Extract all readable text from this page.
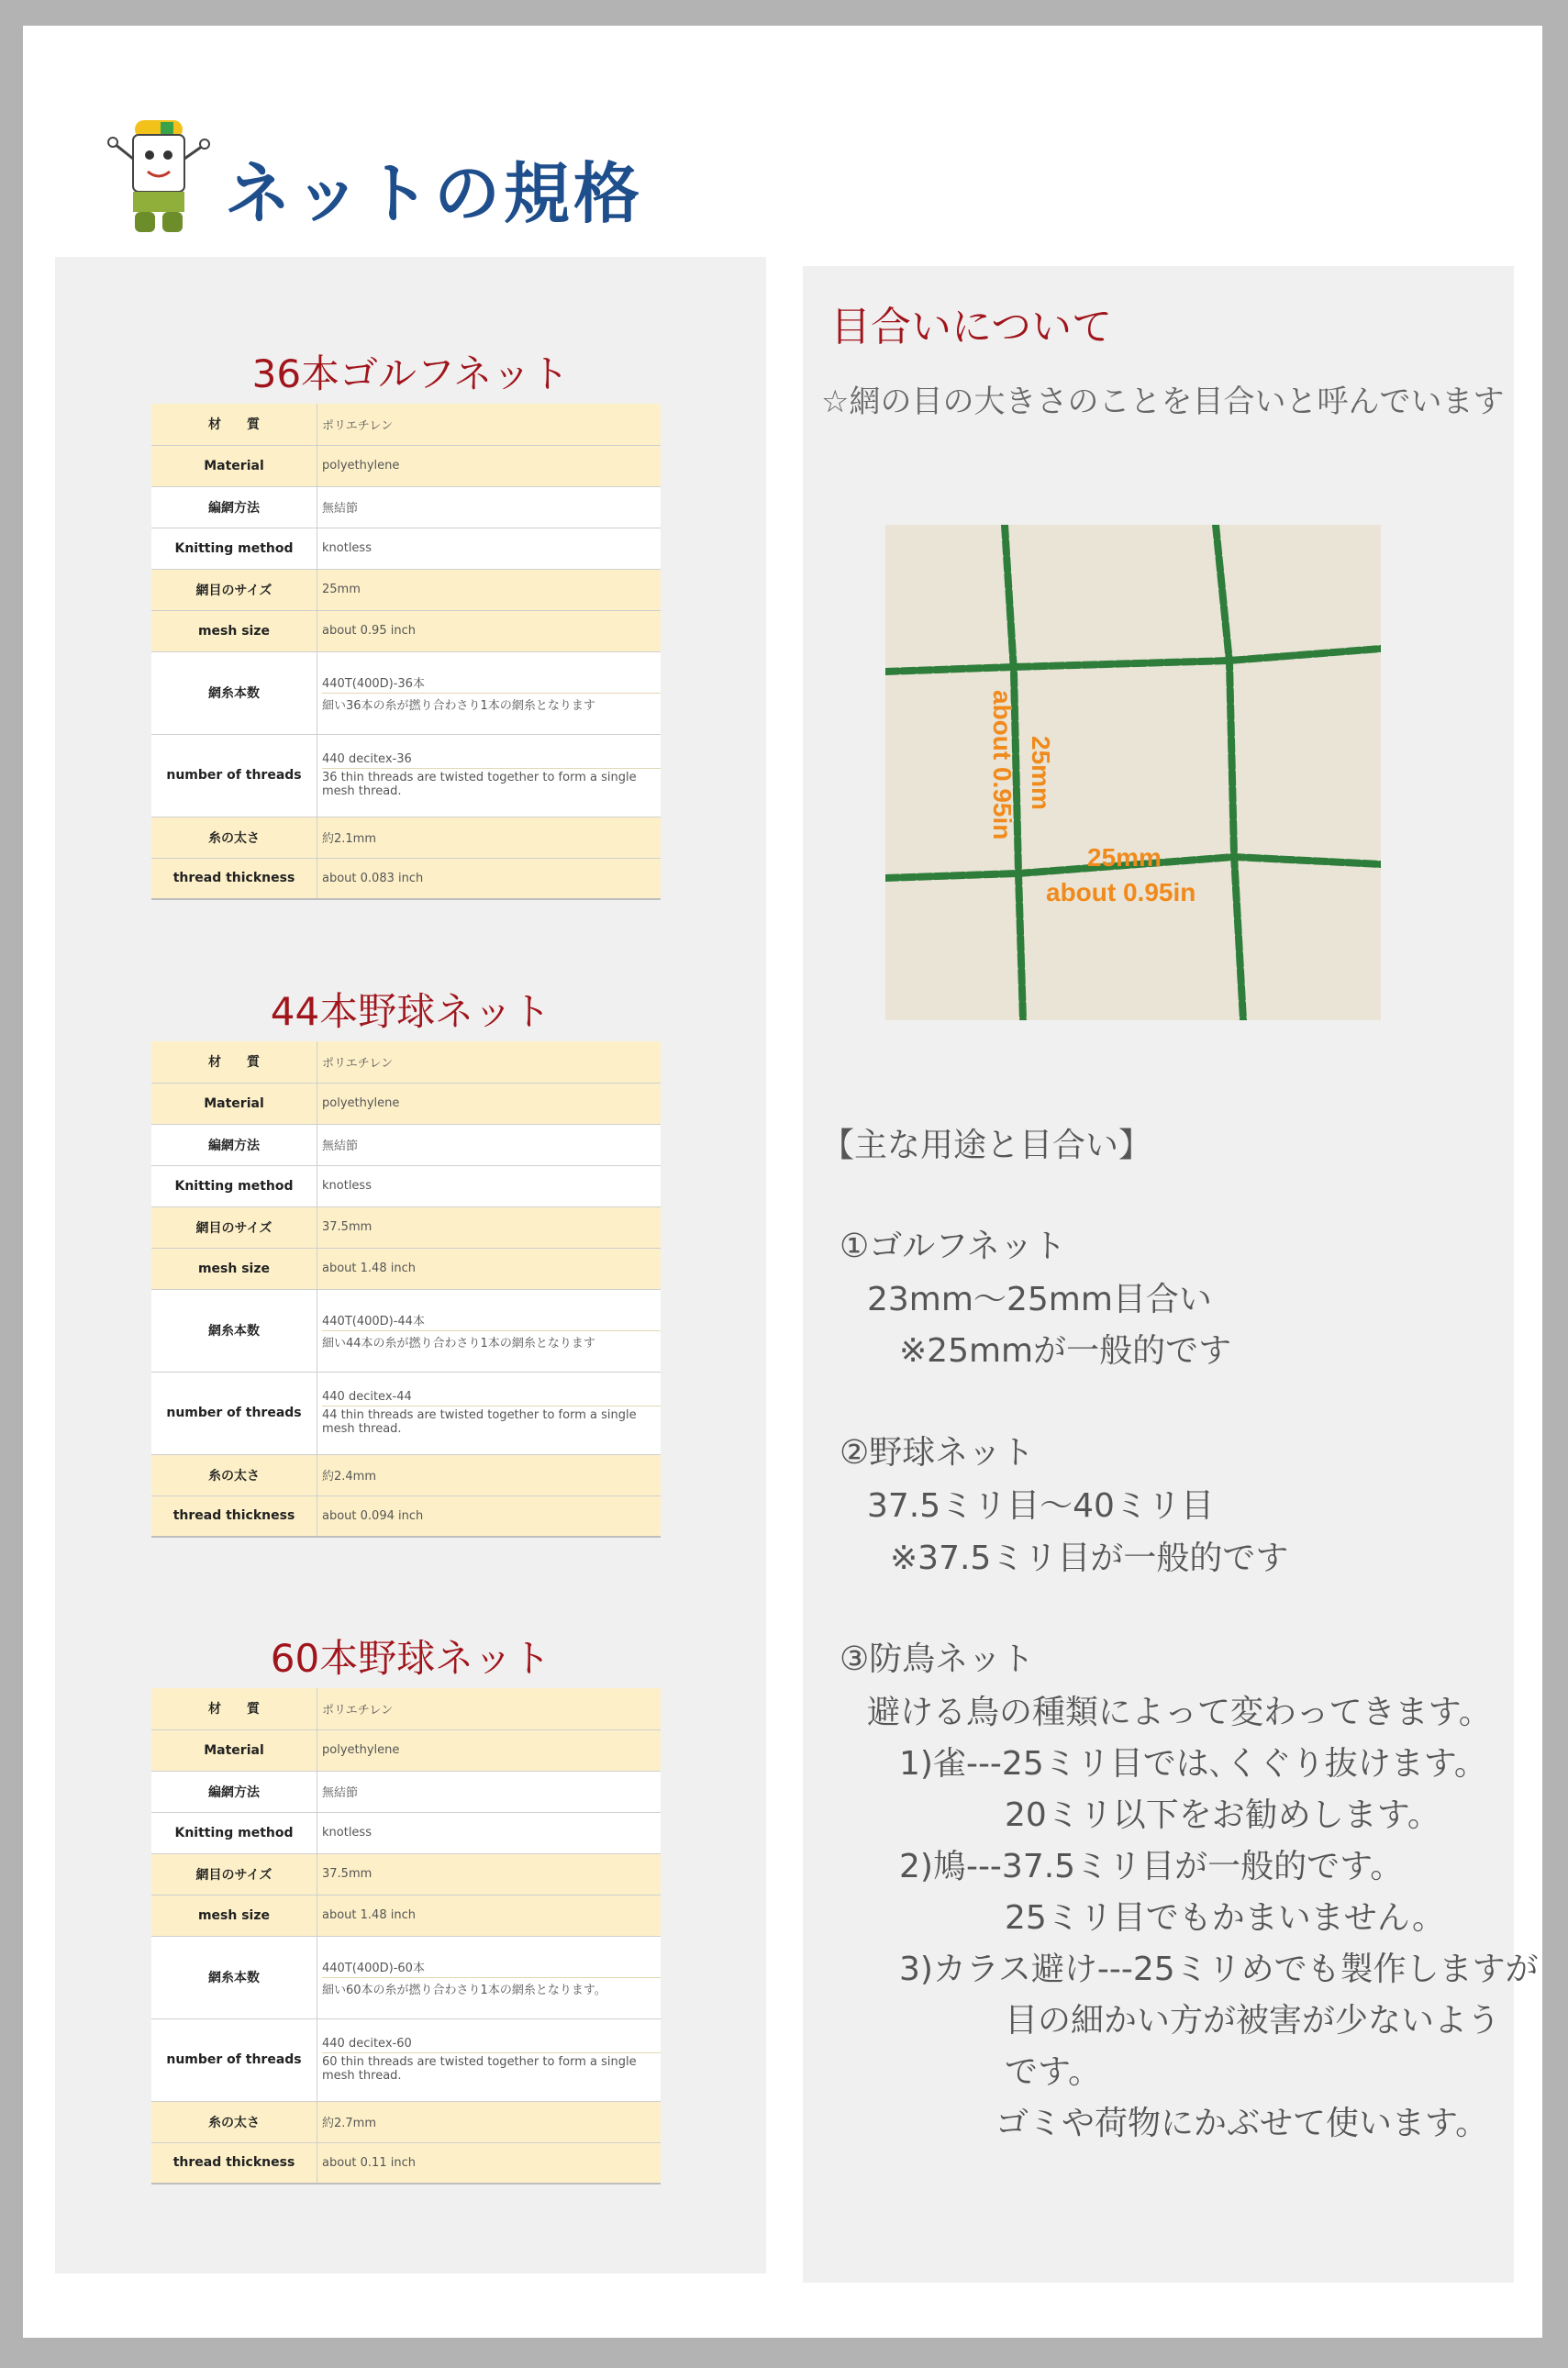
ネットの規格
36本ゴルフネット
材　　質	ポリエチレン
Material	polyethylene
編網方法	無結節
Knitting method	knotless
網目のサイズ	25mm
mesh size	about 0.95 inch
網糸本数	440T(400D)-36本
細い36本の糸が撚り合わさり1本の網糸となります

number of threads	440 decitex-36
36 thin threads are twisted together to form a single mesh thread.

糸の太さ	約2.1mm
thread thickness	about 0.083 inch
44本野球ネット
材　　質	ポリエチレン
Material	polyethylene
編網方法	無結節
Knitting method	knotless
網目のサイズ	37.5mm
mesh size	about 1.48 inch
網糸本数	440T(400D)-44本
細い44本の糸が撚り合わさり1本の網糸となります

number of threads	440 decitex-44
44 thin threads are twisted together to form a single mesh thread.

糸の太さ	約2.4mm
thread thickness	about 0.094 inch
60本野球ネット
材　　質	ポリエチレン
Material	polyethylene
編網方法	無結節
Knitting method	knotless
網目のサイズ	37.5mm
mesh size	about 1.48 inch
網糸本数	440T(400D)-60本
細い60本の糸が撚り合わさり1本の網糸となります。

number of threads	440 decitex-60
60 thin threads are twisted together to form a single mesh thread.

糸の太さ	約2.7mm
thread thickness	about 0.11 inch
目合いについて
☆網の目の大きさのことを目合いと呼んでいます
25mm
about 0.95in
25mm
about 0.95in
【主な用途と目合い】
①ゴルフネット
23mm～25mm目合い
※25mmが一般的です
②野球ネット
37.5ミリ目～40ミリ目
※37.5ミリ目が一般的です
③防鳥ネット
避ける鳥の種類によって変わってきます。
1)雀---25ミリ目では､くぐり抜けます。
20ミリ以下をお勧めします。
2)鳩---37.5ミリ目が一般的です。
25ミリ目でもかまいません。
3)カラス避け---25ミリめでも製作しますが
目の細かい方が被害が少ないよう
です。
ゴミや荷物にかぶせて使います。
